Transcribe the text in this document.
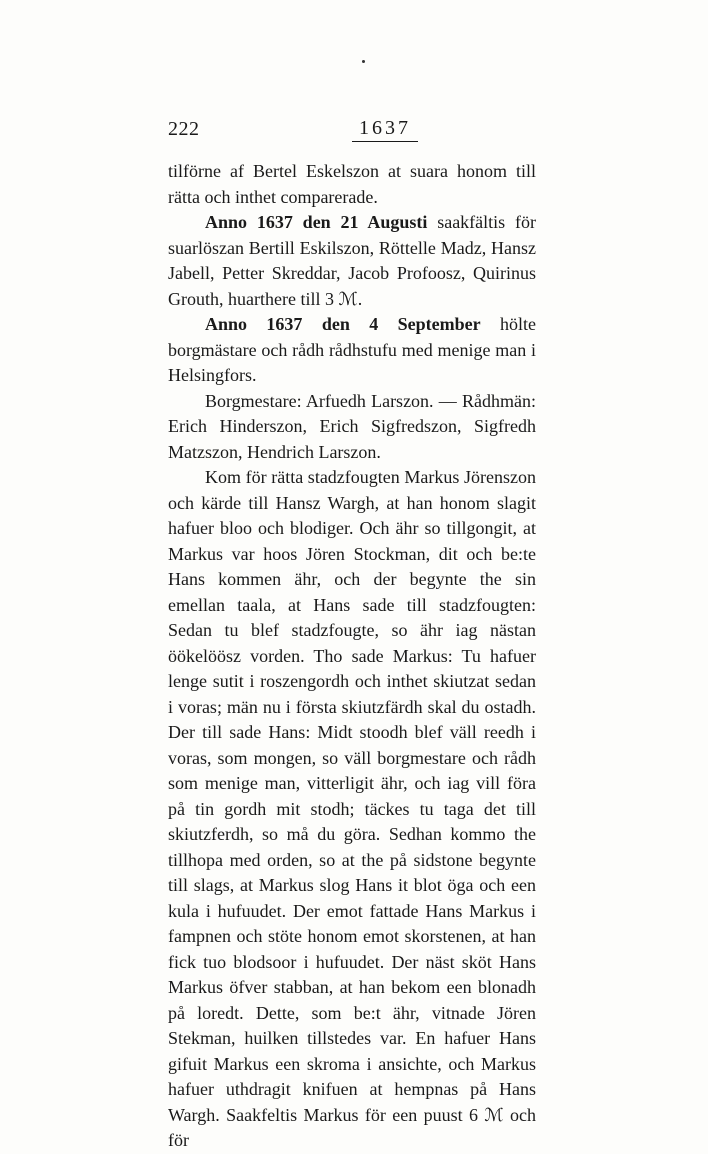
222	1637

tilförne af Bertel Eskelszon at suara honom till rätta och inthet comparerade.

Anno 1637 den 21 Augusti saakfältis för suarlöszan Bertill Eskilszon, Röttelle Madz, Hansz Jabell, Petter Skreddar, Jacob Profoosz, Quirinus Grouth, huarthere till 3 ℳ.

Anno 1637 den 4 September hölte borgmästare och rådh rådhstufu med menige man i Helsingfors.

Borgmestare: Arfuedh Larszon. — Rådhmän: Erich Hinderszon, Erich Sigfredszon, Sigfredh Matzszon, Hendrich Larszon.

Kom för rätta stadzfougten Markus Jörenszon och kärde till Hansz Wargh, at han honom slagit hafuer bloo och blodiger. Och ähr so tillgongit, at Markus var hoos Jören Stockman, dit och be:te Hans kommen ähr, och der begynte the sin emellan taala, at Hans sade till stadzfougten: Sedan tu blef stadzfougte, so ähr iag nästan öökelöösz vorden. Tho sade Markus: Tu hafuer lenge sutit i roszengordh och inthet skiutzat sedan i voras; män nu i första skiutzfärdh skal du ostadh. Der till sade Hans: Midt stoodh blef väll reedh i voras, som mongen, so väll borgmestare och rådh som menige man, vitterligit ähr, och iag vill föra på tin gordh mit stodh; täckes tu taga det till skiutzferdh, so må du göra. Sedhan kommo the tillhopa med orden, so at the på sidstone begynte till slags, at Markus slog Hans it blot öga och een kula i hufuudet. Der emot fattade Hans Markus i fampnen och stöte honom emot skorstenen, at han fick tuo blodsoor i hufuudet. Der näst sköt Hans Markus öfver stabban, at han bekom een blonadh på loredt. Dette, som be:t ähr, vitnade Jören Stekman, huilken tillstedes var. En hafuer Hans gifuit Markus een skroma i ansichte, och Markus hafuer uthdragit knifuen at hempnas på Hans Wargh. Saakfeltis Markus för een puust 6 ℳ och för
